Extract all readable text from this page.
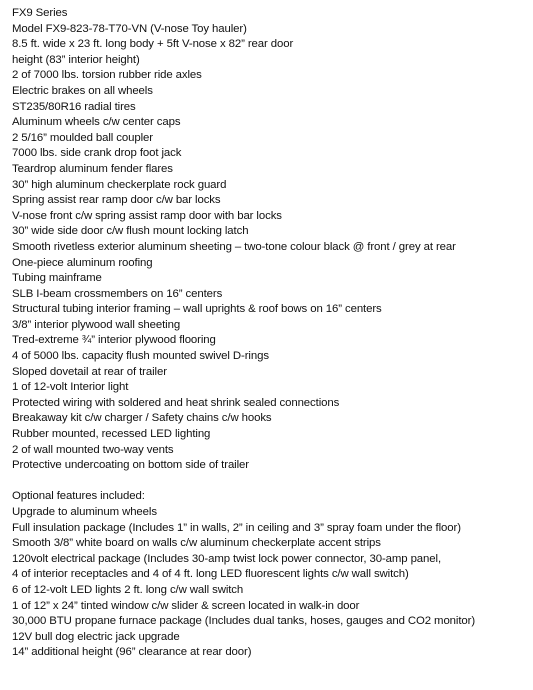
FX9 Series
Model FX9-823-78-T70-VN (V-nose Toy hauler)
8.5 ft. wide x 23 ft. long body + 5ft V-nose x 82” rear door
height (83” interior height)
2 of 7000 lbs. torsion rubber ride axles
Electric brakes on all wheels
ST235/80R16 radial tires
Aluminum wheels c/w center caps
2 5/16” moulded ball coupler
7000 lbs. side crank drop foot jack
Teardrop aluminum fender flares
30” high aluminum checkerplate rock guard
Spring assist rear ramp door c/w bar locks
V-nose front c/w spring assist ramp door with bar locks
30” wide side door c/w flush mount locking latch
Smooth rivetless exterior aluminum sheeting – two-tone colour black @ front / grey at rear
One-piece aluminum roofing
Tubing mainframe
SLB I-beam crossmembers on 16” centers
Structural tubing interior framing – wall uprights & roof bows on 16” centers
3/8” interior plywood wall sheeting
Tred-extreme ¾” interior plywood flooring
4 of 5000 lbs. capacity flush mounted swivel D-rings
Sloped dovetail at rear of trailer
1 of 12-volt Interior light
Protected wiring with soldered and heat shrink sealed connections
Breakaway kit c/w charger / Safety chains c/w hooks
Rubber mounted, recessed LED lighting
2 of wall mounted two-way vents
Protective undercoating on bottom side of trailer
Optional features included:
Upgrade to aluminum wheels
Full insulation package (Includes 1” in walls, 2” in ceiling and 3” spray foam under the floor)
Smooth 3/8” white board on walls c/w aluminum checkerplate accent strips
120volt electrical package (Includes 30-amp twist lock power connector, 30-amp panel,
4 of interior receptacles and 4 of 4 ft. long LED fluorescent lights c/w wall switch)
6 of 12-volt LED lights 2 ft. long c/w wall switch
1 of 12” x 24” tinted window c/w slider & screen located in walk-in door
30,000 BTU propane furnace package (Includes dual tanks, hoses, gauges and CO2 monitor)
12V bull dog electric jack upgrade
14” additional height (96” clearance at rear door)
